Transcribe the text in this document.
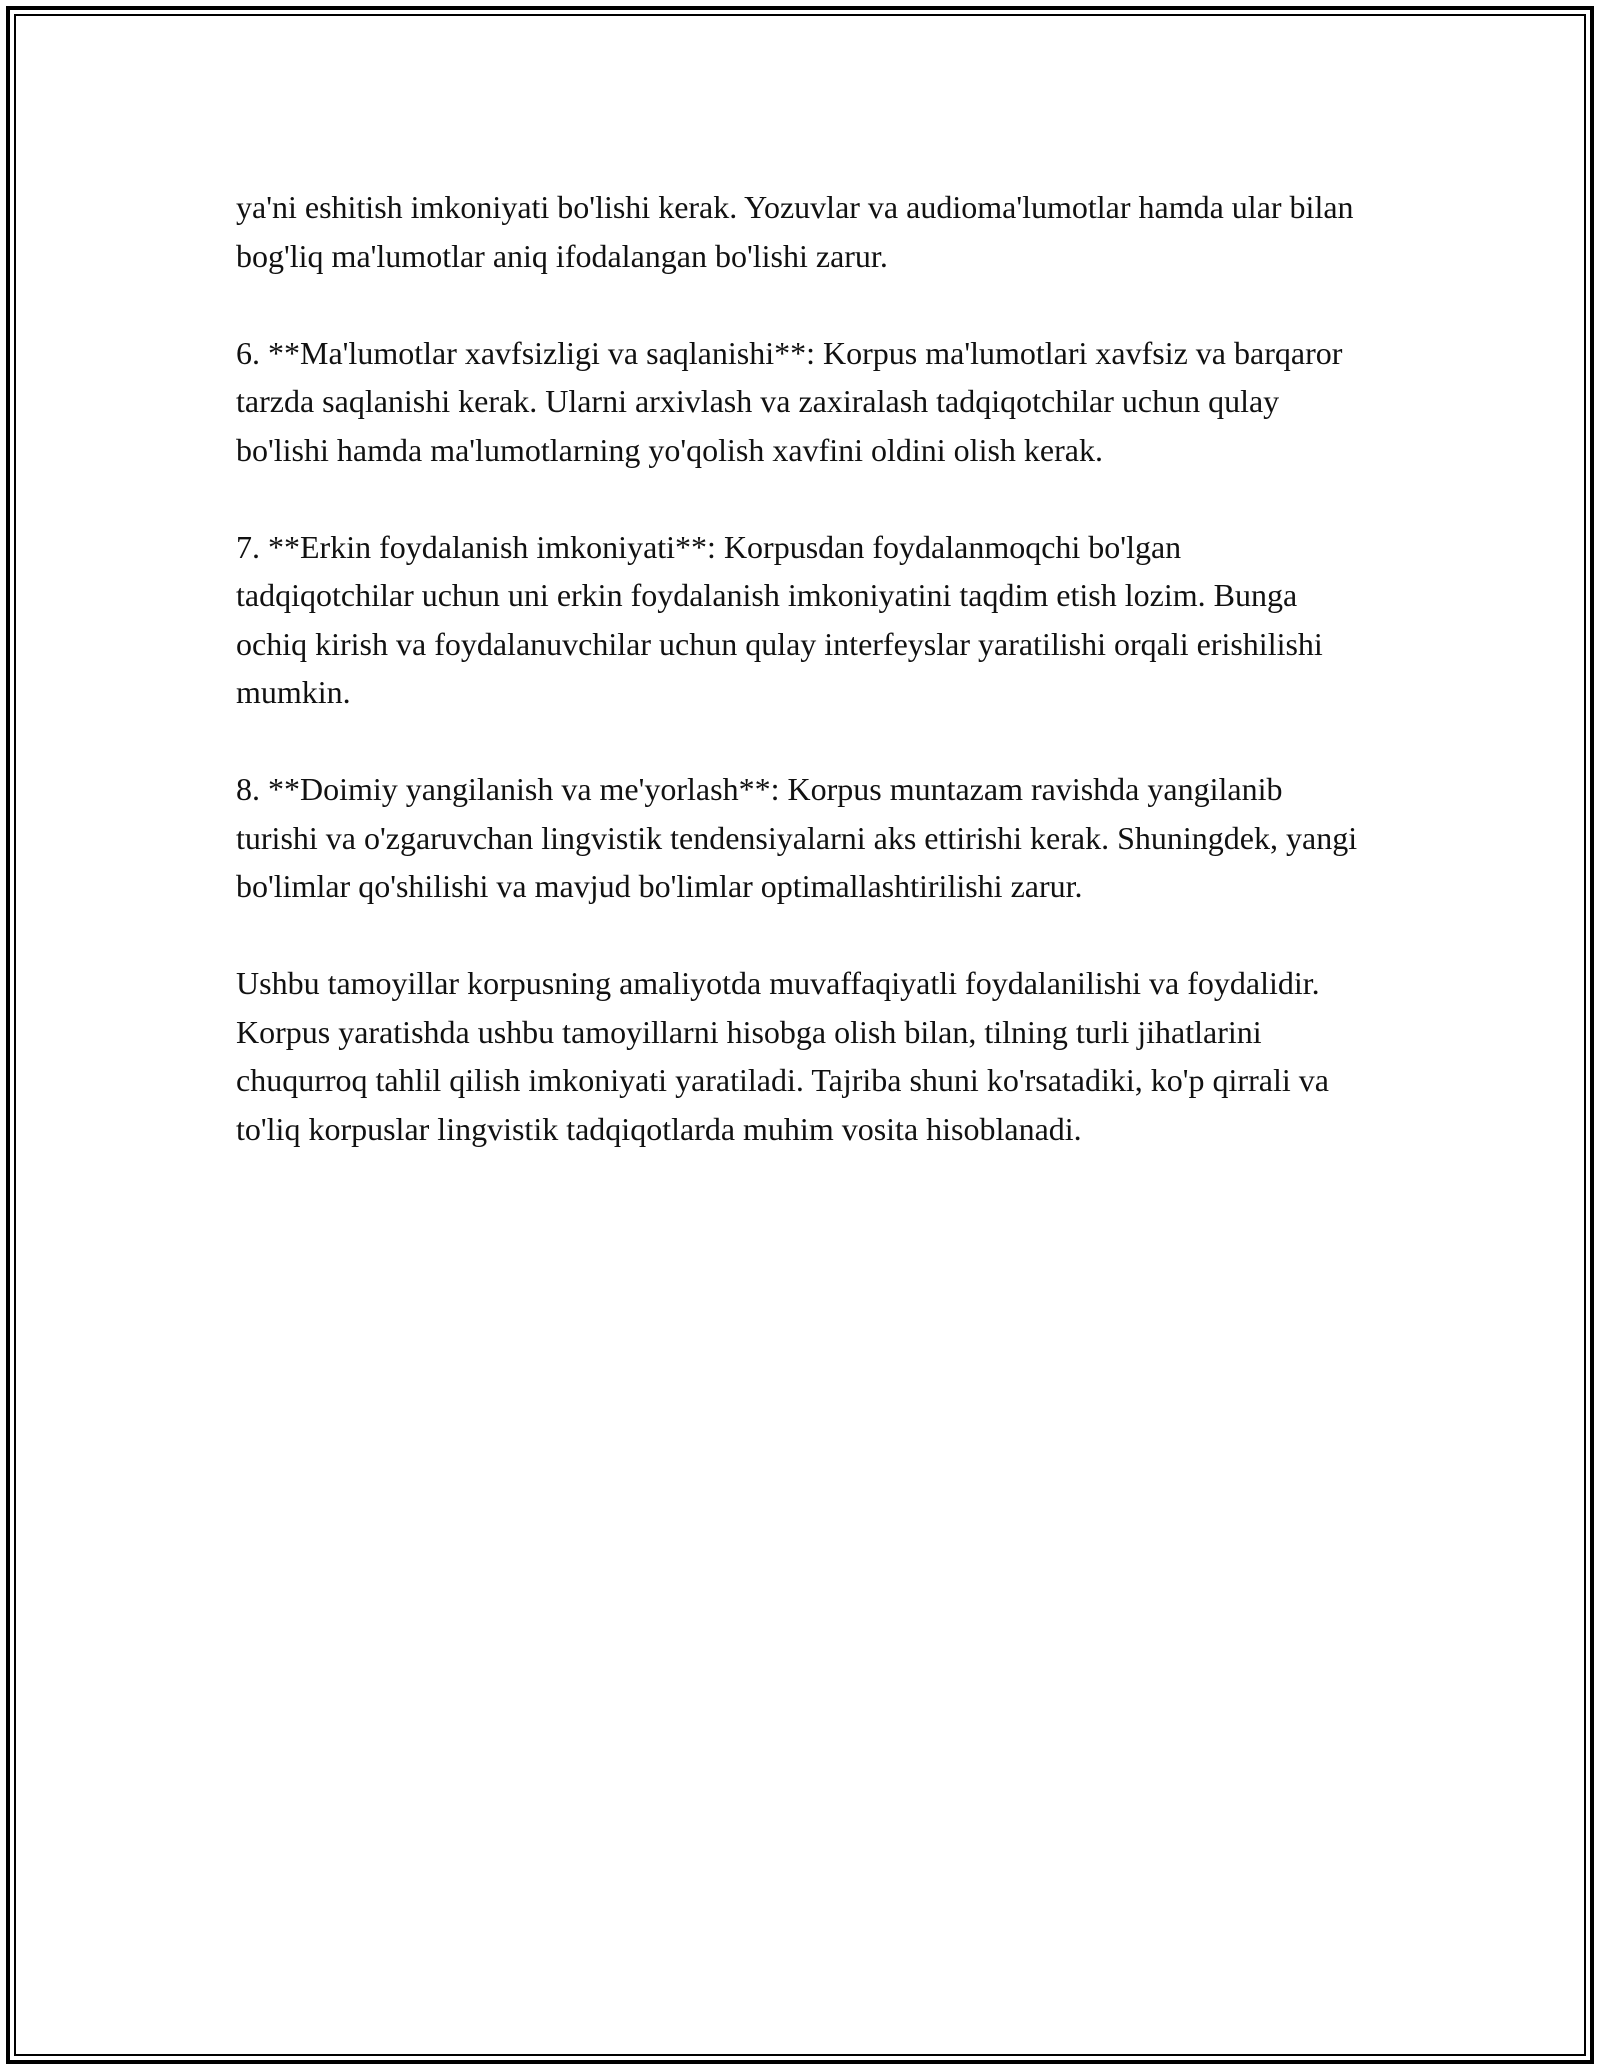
ya'ni eshitish imkoniyati bo'lishi kerak. Yozuvlar va audioma'lumotlar hamda ular bilan bog'liq ma'lumotlar aniq ifodalangan bo'lishi zarur.

6. **Ma'lumotlar xavfsizligi va saqlanishi**: Korpus ma'lumotlari xavfsiz va barqaror tarzda saqlanishi kerak. Ularni arxivlash va zaxiralash tadqiqotchilar uchun qulay bo'lishi hamda ma'lumotlarning yo'qolish xavfini oldini olish kerak.

7. **Erkin foydalanish imkoniyati**: Korpusdan foydalanmoqchi bo'lgan tadqiqotchilar uchun uni erkin foydalanish imkoniyatini taqdim etish lozim. Bunga ochiq kirish va foydalanuvchilar uchun qulay interfeyslar yaratilishi orqali erishilishi mumkin.

8. **Doimiy yangilanish va me'yorlash**: Korpus muntazam ravishda yangilanib turishi va o'zgaruvchan lingvistik tendensiyalarni aks ettirishi kerak. Shuningdek, yangi bo'limlar qo'shilishi va mavjud bo'limlar optimallashtirilishi zarur.

Ushbu tamoyillar korpusning amaliyotda muvaffaqiyatli foydalanilishi va foydalidir. Korpus yaratishda ushbu tamoyillarni hisobga olish bilan, tilning turli jihatlarini chuqurroq tahlil qilish imkoniyati yaratiladi. Tajriba shuni ko'rsatadiki, ko'p qirrali va to'liq korpuslar lingvistik tadqiqotlarda muhim vosita hisoblanadi.
